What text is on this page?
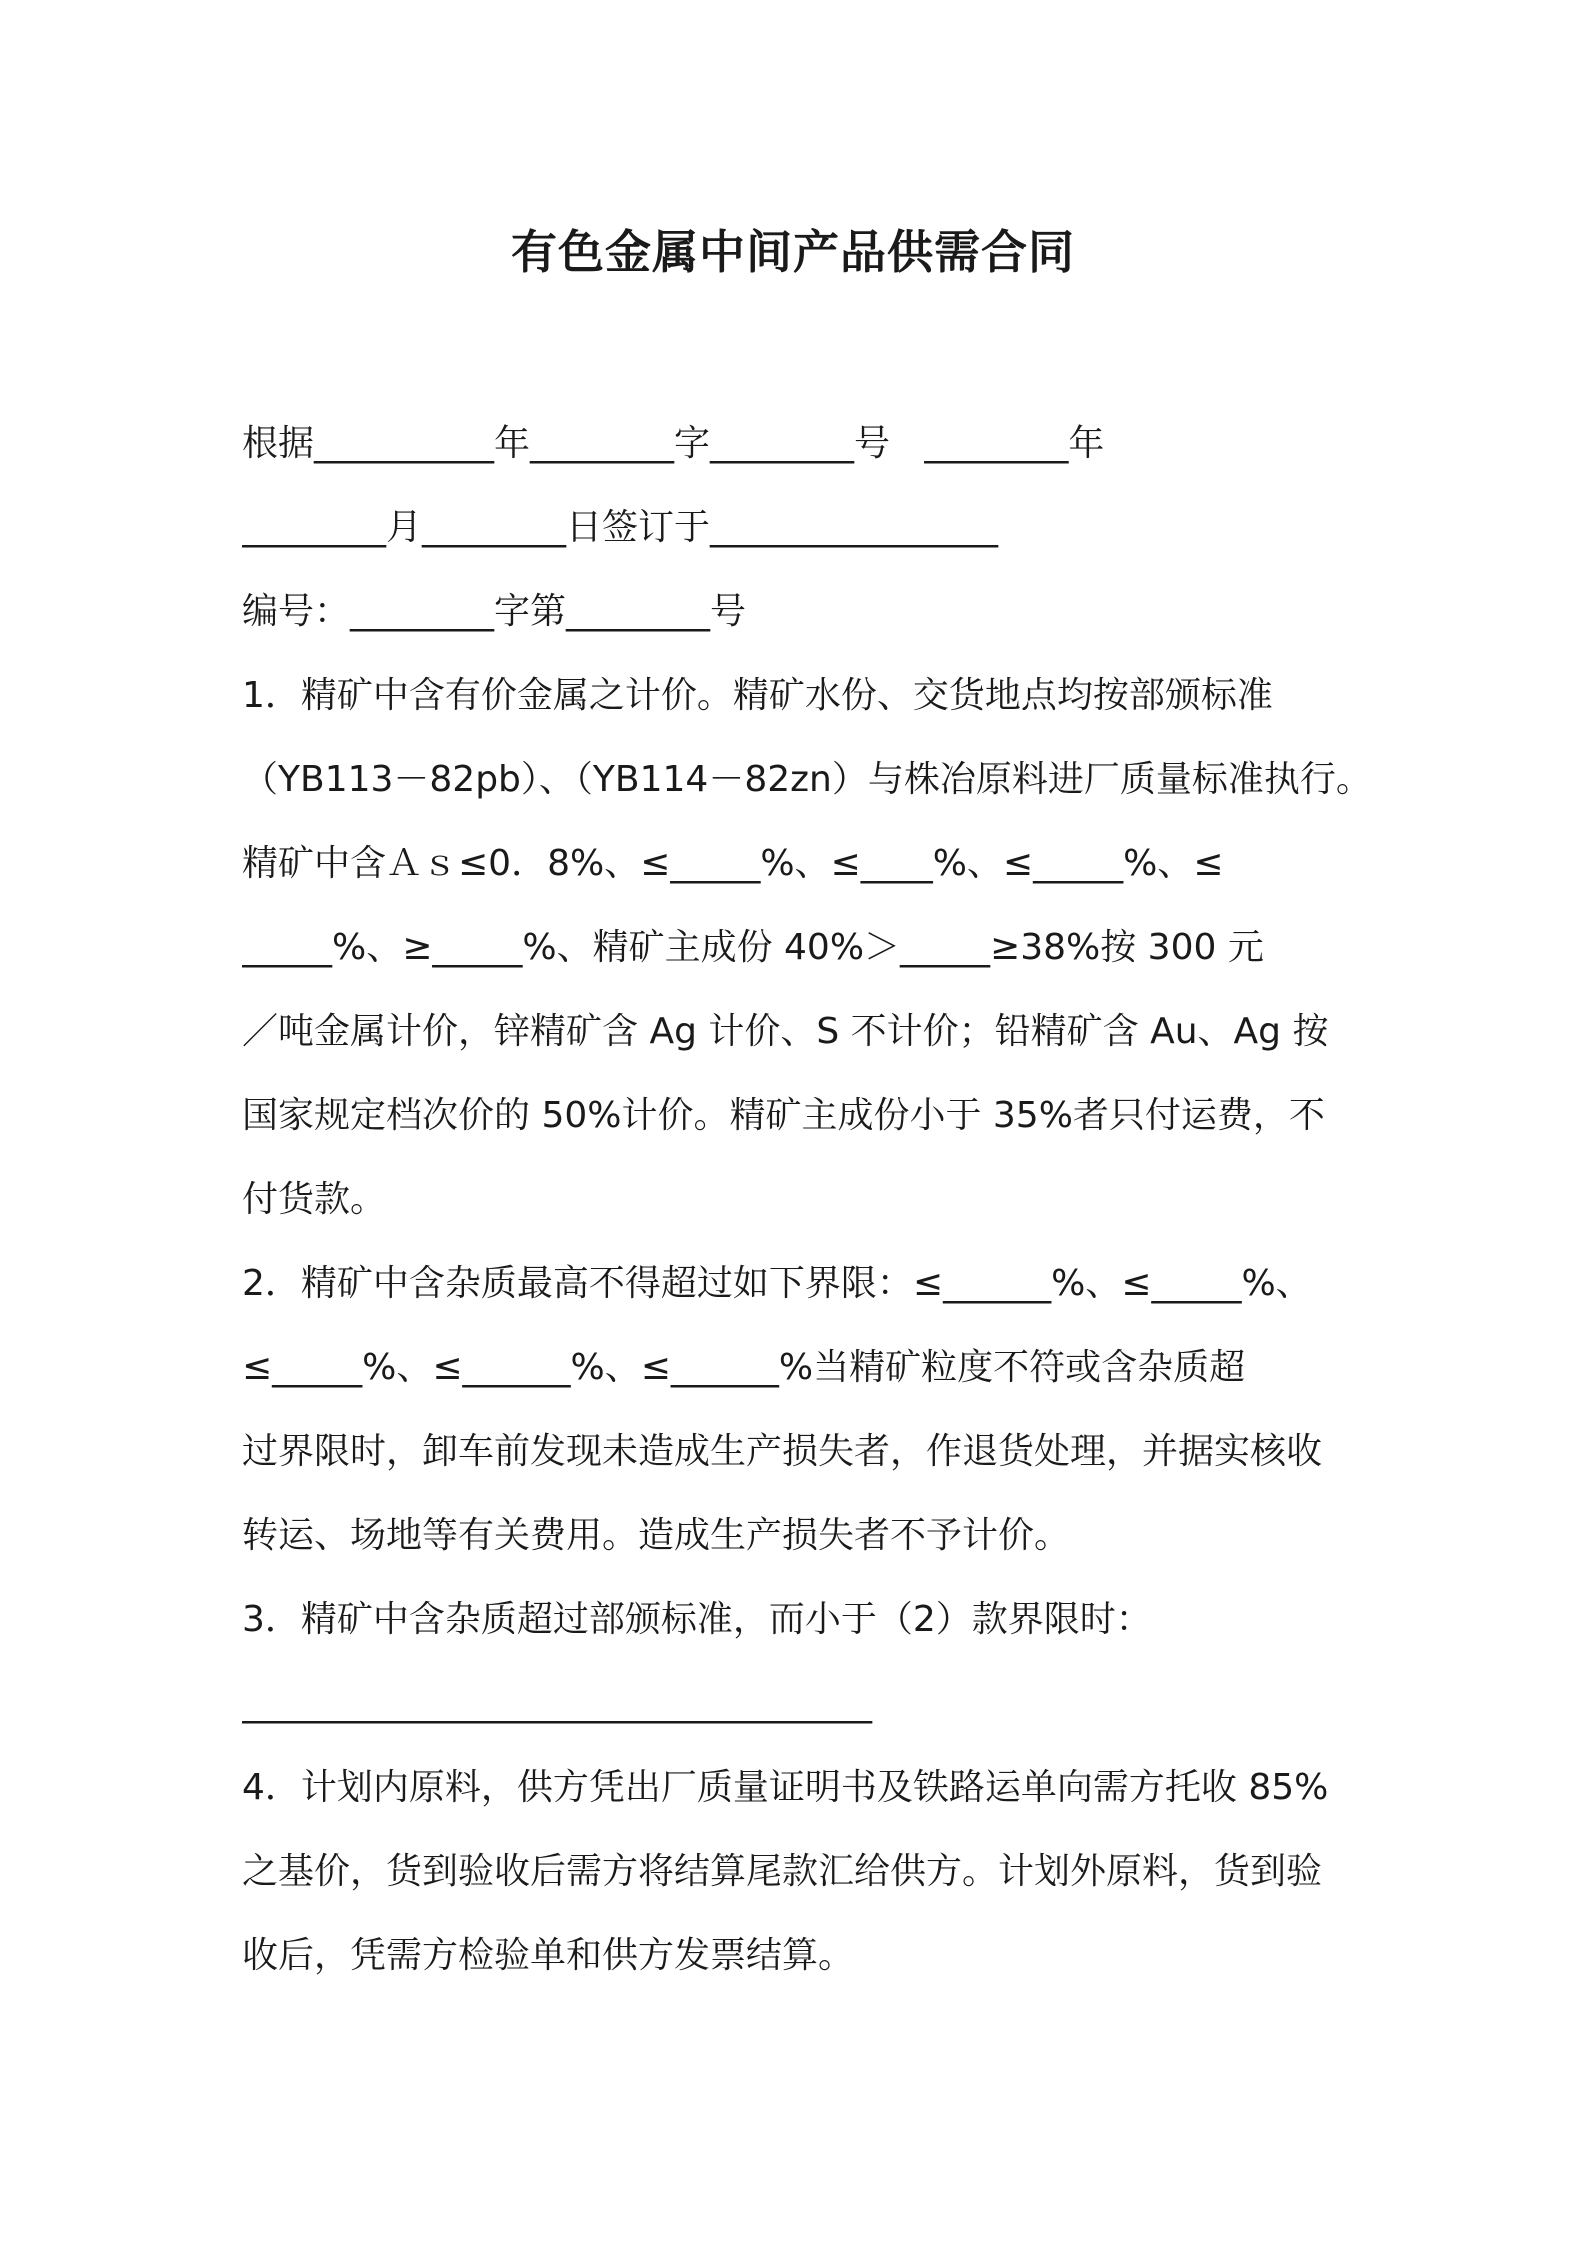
有色金属中间产品供需合同
根据__________年________字________号   ________年
________月________日签订于________________
编号：________字第________号
1．精矿中含有价金属之计价。精矿水份、交货地点均按部颁标准
（YB113－82pb）、（YB114－82zn）与株冶原料进厂质量标准执行。
精矿中含Ａｓ≤0．8%、≤_____%、≤____%、≤_____%、≤
_____%、≥_____%、精矿主成份 40%＞_____≥38%按 300 元
／吨金属计价，锌精矿含 Ag 计价、S 不计价；铅精矿含 Au、Ag 按
国家规定档次价的 50%计价。精矿主成份小于 35%者只付运费，不
付货款。
2．精矿中含杂质最高不得超过如下界限：≤______%、≤_____%、
≤_____%、≤______%、≤______%当精矿粒度不符或含杂质超
过界限时，卸车前发现未造成生产损失者，作退货处理，并据实核收
转运、场地等有关费用。造成生产损失者不予计价。
3．精矿中含杂质超过部颁标准，而小于（2）款界限时：
___________________________________
4．计划内原料，供方凭出厂质量证明书及铁路运单向需方托收 85%
之基价，货到验收后需方将结算尾款汇给供方。计划外原料，货到验
收后，凭需方检验单和供方发票结算。
